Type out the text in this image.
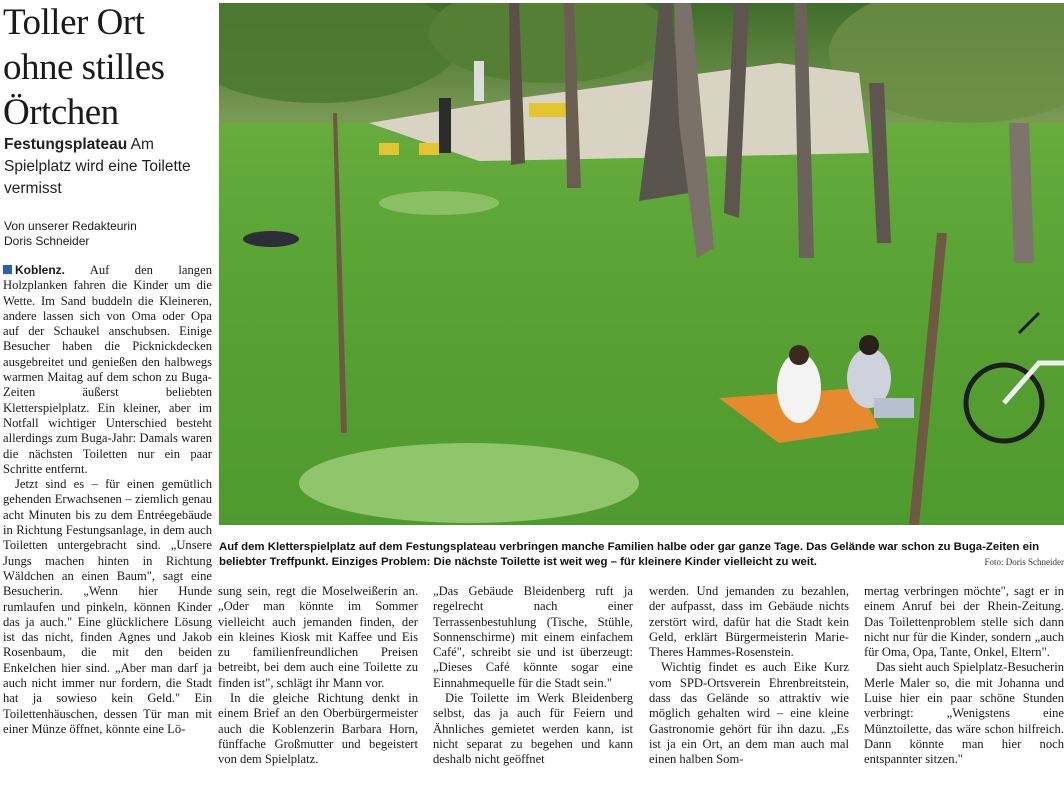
Toller Ort ohne stilles Örtchen
Festungsplateau Am Spielplatz wird eine Toilette vermisst
Von unserer Redakteurin
Doris Schneider

Koblenz. Auf den langen Holzplanken fahren die Kinder um die Wette. Im Sand buddeln die Kleineren, andere lassen sich von Oma oder Opa auf der Schaukel anschubsen. Einige Besucher haben die Picknickdecken ausgebreitet und genießen den halbwegs warmen Maitag auf dem schon zu Buga-Zeiten äußerst beliebten Kletterspielplatz. Ein kleiner, aber im Notfall wichtiger Unterschied besteht allerdings zum Buga-Jahr: Damals waren die nächsten Toiletten nur ein paar Schritte entfernt.

Jetzt sind es – für einen gemütlich gehenden Erwachsenen – ziemlich genau acht Minuten bis zu dem Entréegebäude in Richtung Festungsanlage, in dem auch Toiletten untergebracht sind. „Unsere Jungs machen hinten in Richtung Wäldchen an einen Baum", sagt eine Besucherin. „Wenn hier Hunde rumlaufen und pinkeln, können Kinder das ja auch." Eine glücklichere Lösung ist das nicht, finden Agnes und Jakob Rosenbaum, die mit den beiden Enkelchen hier sind. „Aber man darf ja auch nicht immer nur fordern, die Stadt hat ja sowieso kein Geld." Ein Toilettenhäuschen, dessen Tür man mit einer Münze öffnet, könnte eine Lö-

Auf dem Kletterspielplatz auf dem Festungsplateau verbringen manche Familien halbe oder gar ganze Tage. Das Gelände war schon zu Buga-Zeiten ein beliebter Treffpunkt. Einziges Problem: Die nächste Toilette ist weit weg – für kleinere Kinder vielleicht zu weit.	Foto: Doris Schneider

sung sein, regt die Moselweißerin an. „Oder man könnte im Sommer vielleicht auch jemanden finden, der ein kleines Kiosk mit Kaffee und Eis zu familienfreundlichen Preisen betreibt, bei dem auch eine Toilette zu finden ist", schlägt ihr Mann vor.

In die gleiche Richtung denkt in einem Brief an den Oberbürgermeister auch die Koblenzerin Barbara Horn, fünffache Großmutter und begeistert von dem Spielplatz.

„Das Gebäude Bleidenberg ruft ja regelrecht nach einer Terrassenbestuhlung (Tische, Stühle, Sonnenschirme) mit einem einfachem Café", schreibt sie und ist überzeugt: „Dieses Café könnte sogar eine Einnahmequelle für die Stadt sein."

Die Toilette im Werk Bleidenberg selbst, das ja auch für Feiern und Ähnliches gemietet werden kann, ist nicht separat zu begehen und kann deshalb nicht geöffnet

werden. Und jemanden zu bezahlen, der aufpasst, dass im Gebäude nichts zerstört wird, dafür hat die Stadt kein Geld, erklärt Bürgermeisterin Marie-Theres Hammes-Rosenstein.

Wichtig findet es auch Eike Kurz vom SPD-Ortsverein Ehrenbreitstein, dass das Gelände so attraktiv wie möglich gehalten wird – eine kleine Gastronomie gehört für ihn dazu. „Es ist ja ein Ort, an dem man auch mal einen halben Som-

mertag verbringen möchte", sagt er in einem Anruf bei der Rhein-Zeitung. Das Toilettenproblem stelle sich dann nicht nur für die Kinder, sondern „auch für Oma, Opa, Tante, Onkel, Eltern".

Das sieht auch Spielplatz-Besucherin Merle Maler so, die mit Johanna und Luise hier ein paar schöne Stunden verbringt: „Wenigstens eine Münztoilette, das wäre schon hilfreich. Dann könnte man hier noch entspannter sitzen."
